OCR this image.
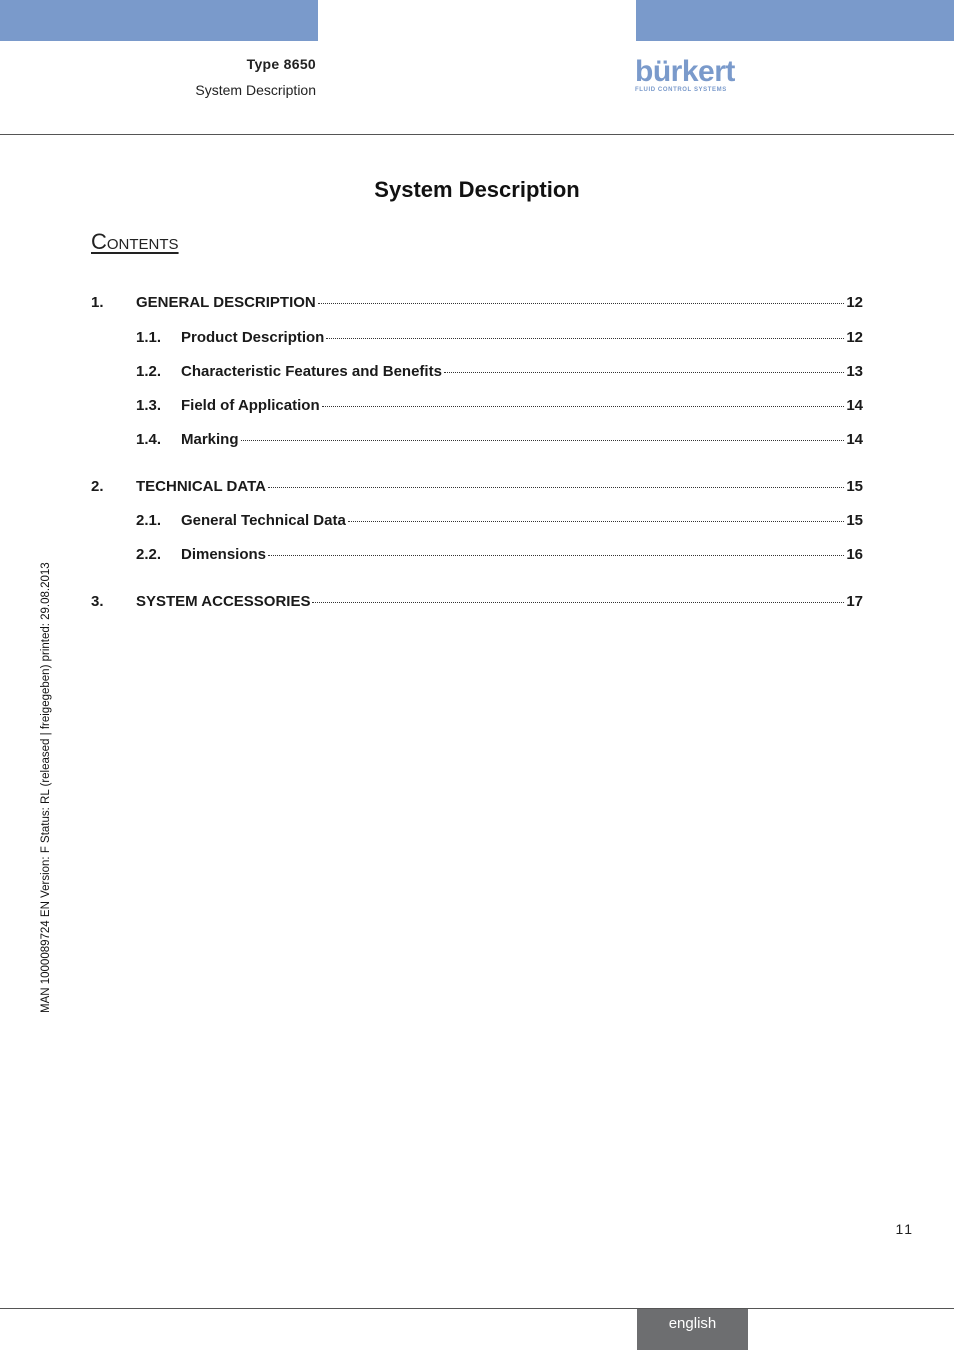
Type 8650
System Description
bürkert
FLUID CONTROL SYSTEMS
System Description
Contents
1.	GENERAL DESCRIPTION	12
1.1.	Product Description	12
1.2.	Characteristic Features and Benefits	13
1.3.	Field of Application	14
1.4.	Marking	14
2.	TECHNICAL DATA	15
2.1.	General Technical Data	15
2.2.	Dimensions	16
3.	SYSTEM ACCESSORIES	17
MAN 1000089724 EN Version: F Status: RL (released | freigegeben) printed: 29.08.2013
11
english
